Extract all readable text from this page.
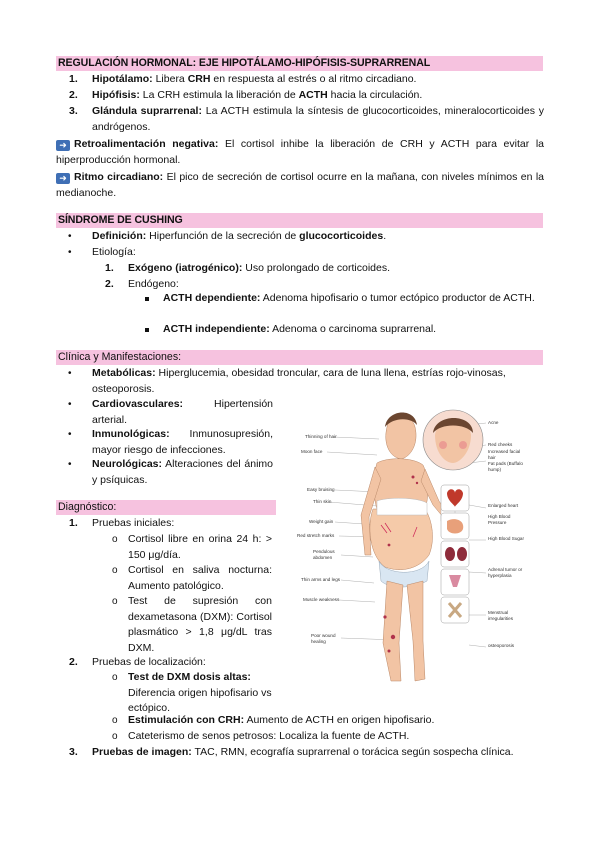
REGULACIÓN HORMONAL: EJE HIPOTÁLAMO-HIPÓFISIS-SUPRARRENAL
1. Hipotálamo: Libera CRH en respuesta al estrés o al ritmo circadiano.
2. Hipófisis: La CRH estimula la liberación de ACTH hacia la circulación.
3. Glándula suprarrenal: La ACTH estimula la síntesis de glucocorticoides, mineralocorticoides y andrógenos.
➜ Retroalimentación negativa: El cortisol inhibe la liberación de CRH y ACTH para evitar la hiperproducción hormonal.
➜ Ritmo circadiano: El pico de secreción de cortisol ocurre en la mañana, con niveles mínimos en la medianoche.
SÍNDROME DE CUSHING
• Definición: Hiperfunción de la secreción de glucocorticoides.
• Etiología:
1. Exógeno (iatrogénico): Uso prolongado de corticoides.
2. Endógeno:
ACTH dependiente: Adenoma hipofisario o tumor ectópico productor de ACTH.
ACTH independiente: Adenoma o carcinoma suprarrenal.
Clínica y Manifestaciones:
• Metabólicas: Hiperglucemia, obesidad troncular, cara de luna llena, estrías rojo-vinosas, osteoporosis.
• Cardiovasculares: Hipertensión arterial.
• Inmunológicas: Inmunosupresión, mayor riesgo de infecciones.
• Neurológicas: Alteraciones del ánimo y psíquicas.
Diagnóstico:
1. Pruebas iniciales:
o Cortisol libre en orina 24 h: > 150 μg/día.
o Cortisol en saliva nocturna: Aumento patológico.
o Test de supresión con dexametasona (DXM): Cortisol plasmático > 1,8 μg/dL tras DXM.
2. Pruebas de localización:
o Test de DXM dosis altas: Diferencia origen hipofisario vs ectópico.
o Estimulación con CRH: Aumento de ACTH en origen hipofisario.
o Cateterismo de senos petrosos: Localiza la fuente de ACTH.
3. Pruebas de imagen: TAC, RMN, ecografía suprarrenal o torácica según sospecha clínica.
Thinning of hair
Moon face
Easy bruising
Thin skin
Weight gain
Red stretch marks
Pendulous abdomen
Thin arms and legs
Muscle weakness
Poor wound healing
Acne
Red cheeks
Increased facial hair
Fat pads (Buffalo hump)
Enlarged heart
High Blood Pressure
High Blood Sugar
Adrenal tumor or hyperplasia
Menstrual irregularities
osteoporosis
